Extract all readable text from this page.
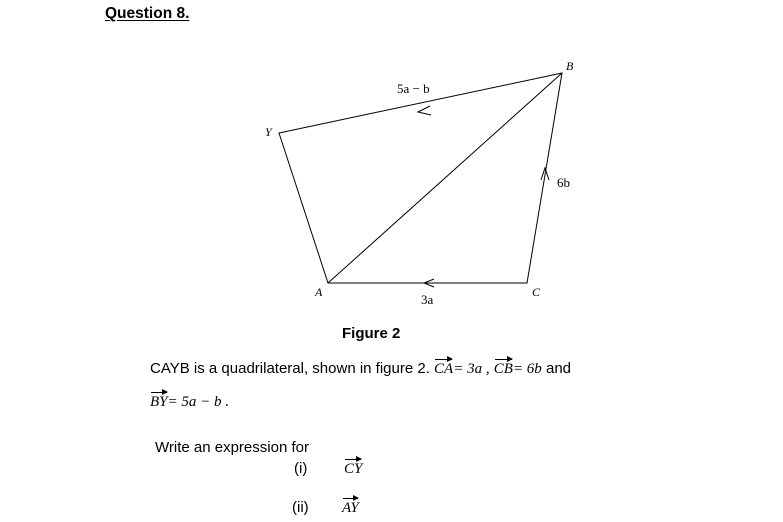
Question 8.
B
Y
A	C
5a − b
6b
3a
Figure 2
CAYB is a quadrilateral, shown in figure 2. CA= 3a , CB= 6b and
BY= 5a − b .
Write an expression for
(i) CY
(ii) AY
